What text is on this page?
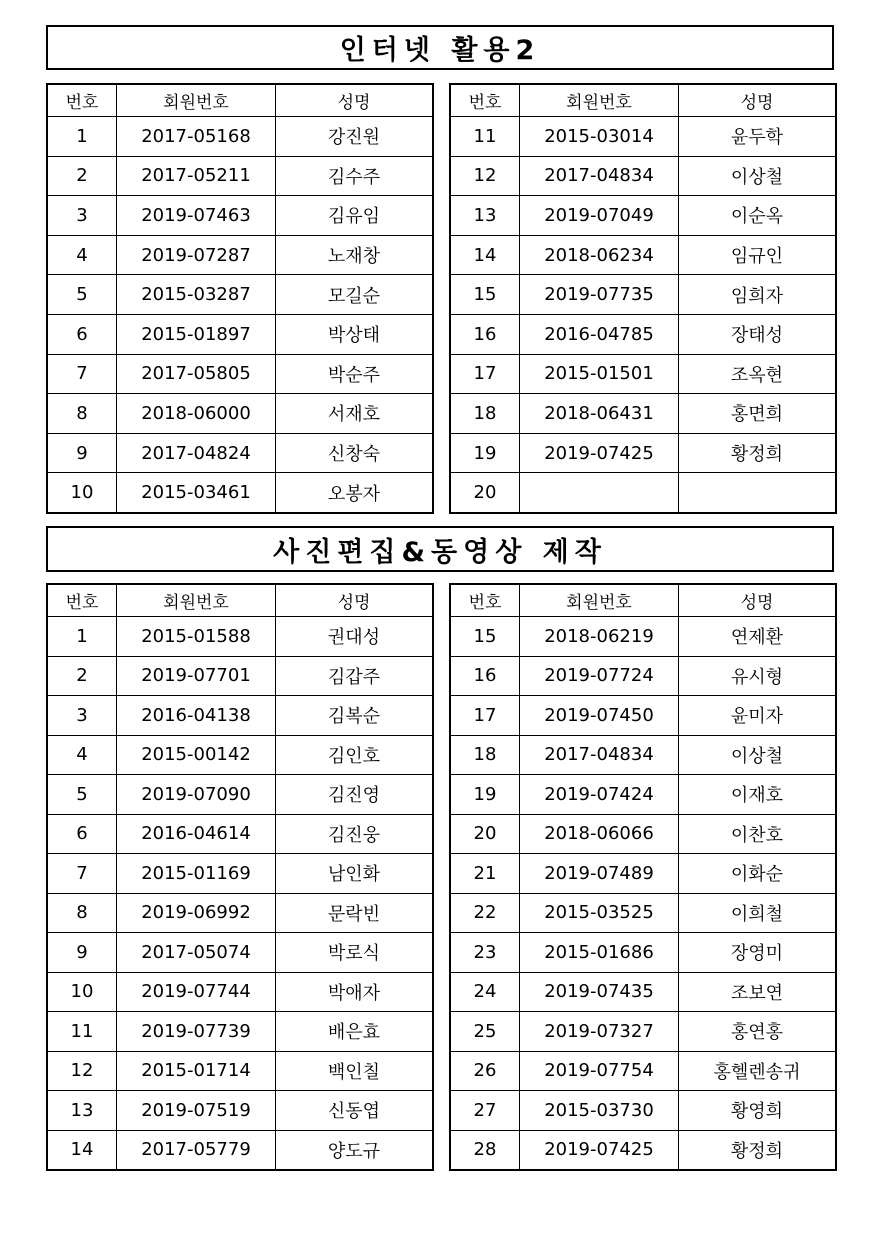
인터넷 활용2
번호	회원번호	성명
1	2017-05168	강진원
2	2017-05211	김수주
3	2019-07463	김유임
4	2019-07287	노재창
5	2015-03287	모길순
6	2015-01897	박상태
7	2017-05805	박순주
8	2018-06000	서재호
9	2017-04824	신창숙
10	2015-03461	오봉자
번호	회원번호	성명
11	2015-03014	윤두학
12	2017-04834	이상철
13	2019-07049	이순옥
14	2018-06234	임규인
15	2019-07735	임희자
16	2016-04785	장태성
17	2015-01501	조옥현
18	2018-06431	홍면희
19	2019-07425	황정희
20		
사진편집&동영상 제작
번호	회원번호	성명
1	2015-01588	권대성
2	2019-07701	김갑주
3	2016-04138	김복순
4	2015-00142	김인호
5	2019-07090	김진영
6	2016-04614	김진웅
7	2015-01169	남인화
8	2019-06992	문락빈
9	2017-05074	박로식
10	2019-07744	박애자
11	2019-07739	배은효
12	2015-01714	백인칠
13	2019-07519	신동엽
14	2017-05779	양도규
번호	회원번호	성명
15	2018-06219	연제환
16	2019-07724	유시형
17	2019-07450	윤미자
18	2017-04834	이상철
19	2019-07424	이재호
20	2018-06066	이찬호
21	2019-07489	이화순
22	2015-03525	이희철
23	2015-01686	장영미
24	2019-07435	조보연
25	2019-07327	홍연홍
26	2019-07754	홍헬렌송귀
27	2015-03730	황영희
28	2019-07425	황정희
